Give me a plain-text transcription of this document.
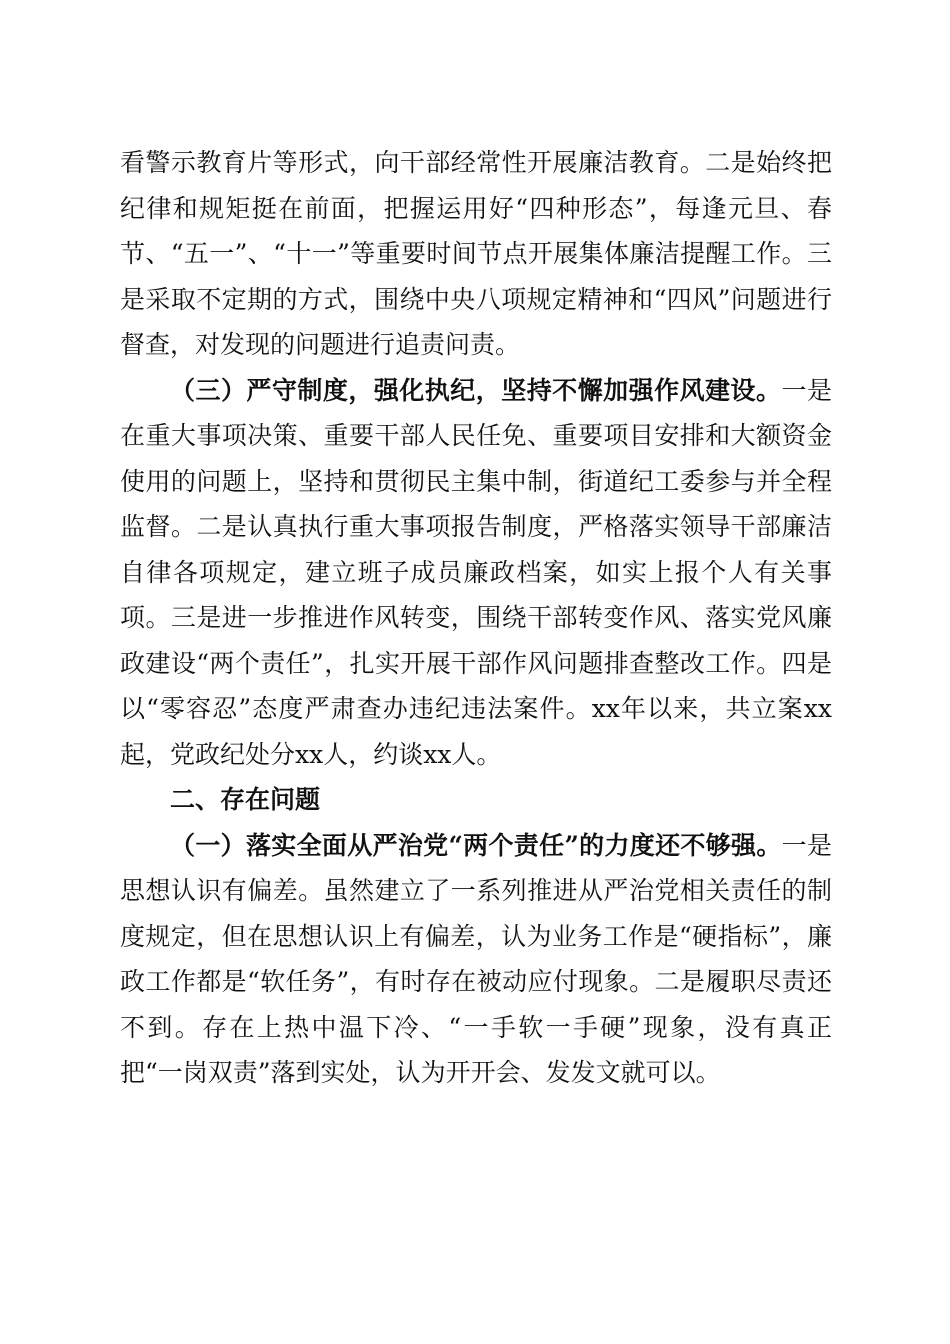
看警示教育片等形式，向干部经常性开展廉洁教育。二是始终把纪律和规矩挺在前面，把握运用好“四种形态”，每逢元旦、春节、“五一”、“十一”等重要时间节点开展集体廉洁提醒工作。三是采取不定期的方式，围绕中央八项规定精神和“四风”问题进行督查，对发现的问题进行追责问责。

（三）严守制度，强化执纪，坚持不懈加强作风建设。一是在重大事项决策、重要干部人民任免、重要项目安排和大额资金使用的问题上，坚持和贯彻民主集中制，街道纪工委参与并全程监督。二是认真执行重大事项报告制度，严格落实领导干部廉洁自律各项规定，建立班子成员廉政档案，如实上报个人有关事项。三是进一步推进作风转变，围绕干部转变作风、落实党风廉政建设“两个责任”，扎实开展干部作风问题排查整改工作。四是以“零容忍”态度严肃查办违纪违法案件。xx年以来，共立案xx起，党政纪处分xx人，约谈xx人。

二、存在问题

（一）落实全面从严治党“两个责任”的力度还不够强。一是思想认识有偏差。虽然建立了一系列推进从严治党相关责任的制度规定，但在思想认识上有偏差，认为业务工作是“硬指标”，廉政工作都是“软任务”，有时存在被动应付现象。二是履职尽责还不到。存在上热中温下冷、“一手软一手硬”现象，没有真正把“一岗双责”落到实处，认为开开会、发发文就可以。
